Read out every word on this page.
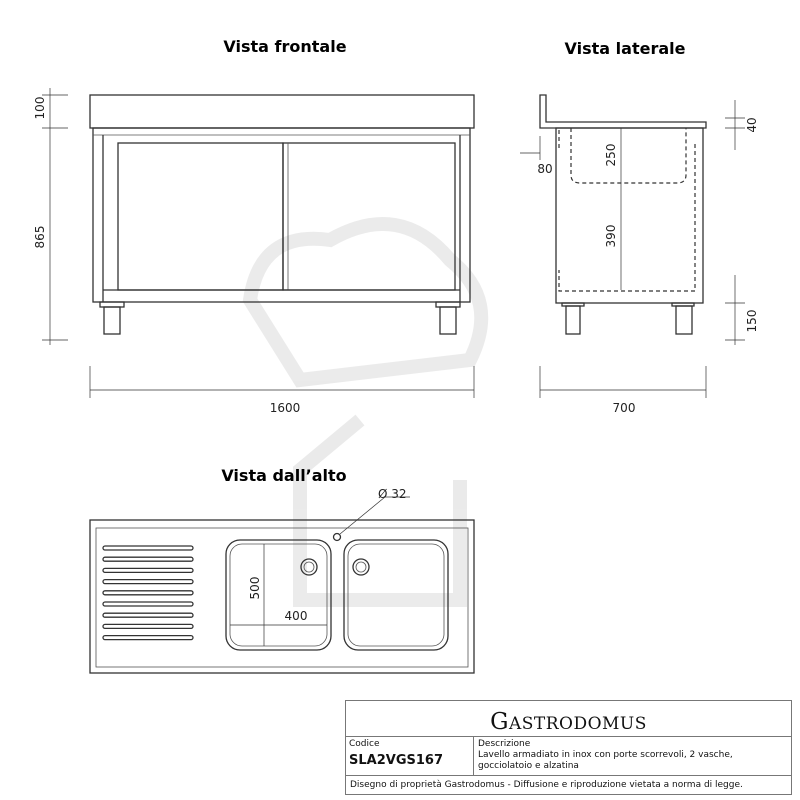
Vista frontale	Vista laterale
Vista dall’alto
100
865
1600
250
390
80
40
150
700
Ø 32
500
400
GASTRODOMUS
Codice
SLA2VGS167
Descrizione
Lavello armadiato in inox con porte scorrevoli, 2 vasche, gocciolatoio e alzatina
Disegno di proprietà Gastrodomus - Diffusione e riproduzione vietata a norma di legge.
